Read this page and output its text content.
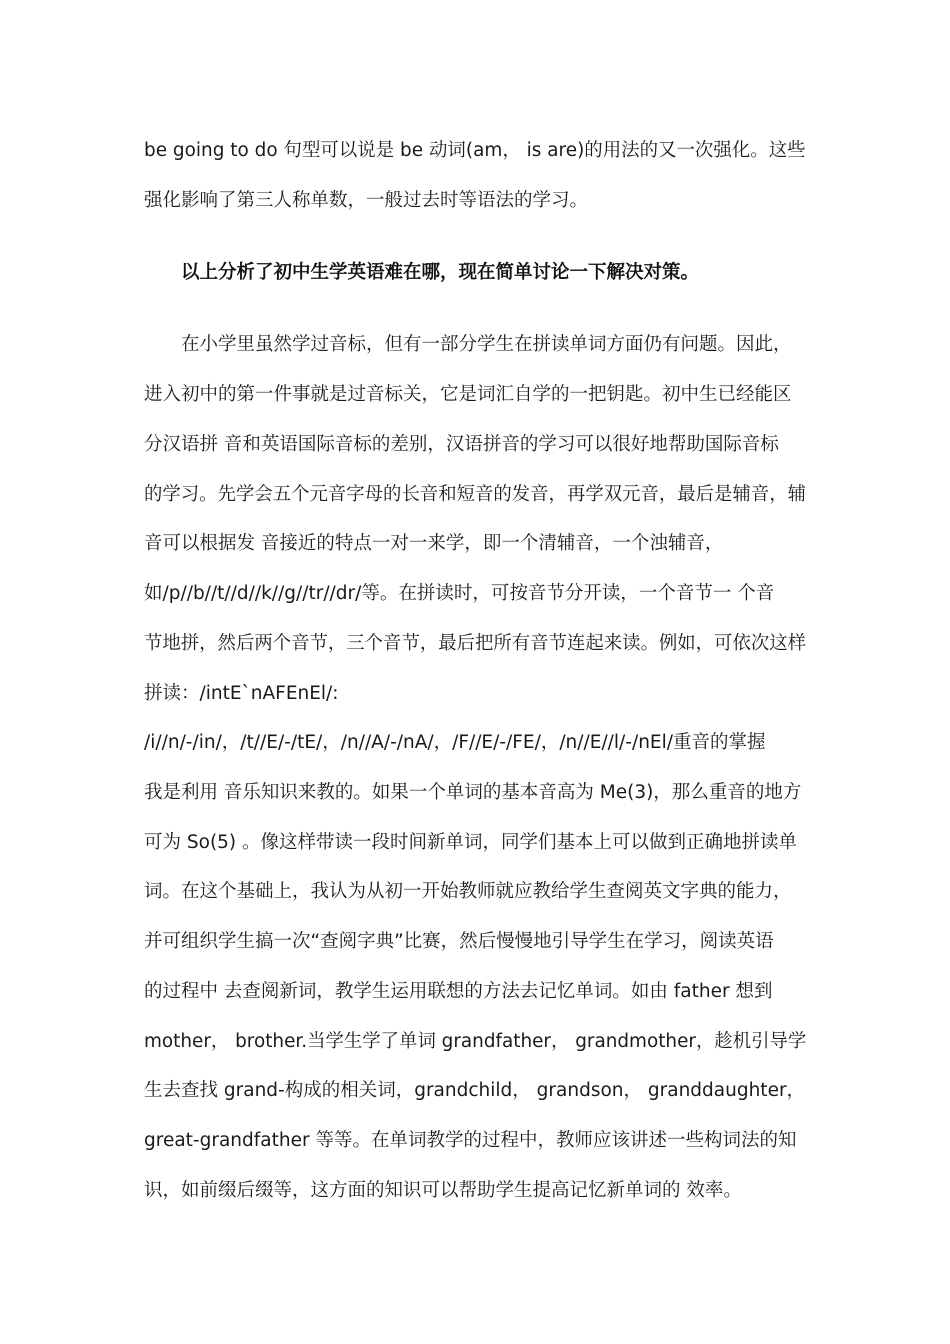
be going to do 句型可以说是 be 动词(am， is are)的用法的又一次强化。这些
强化影响了第三人称单数，一般过去时等语法的学习。
以上分析了初中生学英语难在哪，现在简单讨论一下解决对策。
在小学里虽然学过音标，但有一部分学生在拼读单词方面仍有问题。因此，
进入初中的第一件事就是过音标关，它是词汇自学的一把钥匙。初中生已经能区
分汉语拼 音和英语国际音标的差别，汉语拼音的学习可以很好地帮助国际音标
的学习。先学会五个元音字母的长音和短音的发音，再学双元音，最后是辅音，辅
音可以根据发 音接近的特点一对一来学，即一个清辅音，一个浊辅音，
如/p//b//t//d//k//g//tr//dr/等。在拼读时，可按音节分开读，一个音节一 个音
节地拼，然后两个音节，三个音节，最后把所有音节连起来读。例如，可依次这样
拼读：/intE`nAFEnEl/:
/i//n/-/in/，/t//E/-/tE/，/n//A/-/nA/，/F//E/-/FE/，/n//E//l/-/nEl/重音的掌握
我是利用 音乐知识来教的。如果一个单词的基本音高为 Me(3)，那么重音的地方
可为 So(5) 。像这样带读一段时间新单词，同学们基本上可以做到正确地拼读单
词。在这个基础上，我认为从初一开始教师就应教给学生查阅英文字典的能力，
并可组织学生搞一次“查阅字典”比赛，然后慢慢地引导学生在学习，阅读英语
的过程中 去查阅新词，教学生运用联想的方法去记忆单词。如由 father 想到
mother， brother.当学生学了单词 grandfather， grandmother，趁机引导学
生去查找 grand-构成的相关词，grandchild， grandson， granddaughter，
great-grandfather 等等。在单词教学的过程中，教师应该讲述一些构词法的知
识，如前缀后缀等，这方面的知识可以帮助学生提高记忆新单词的 效率。
